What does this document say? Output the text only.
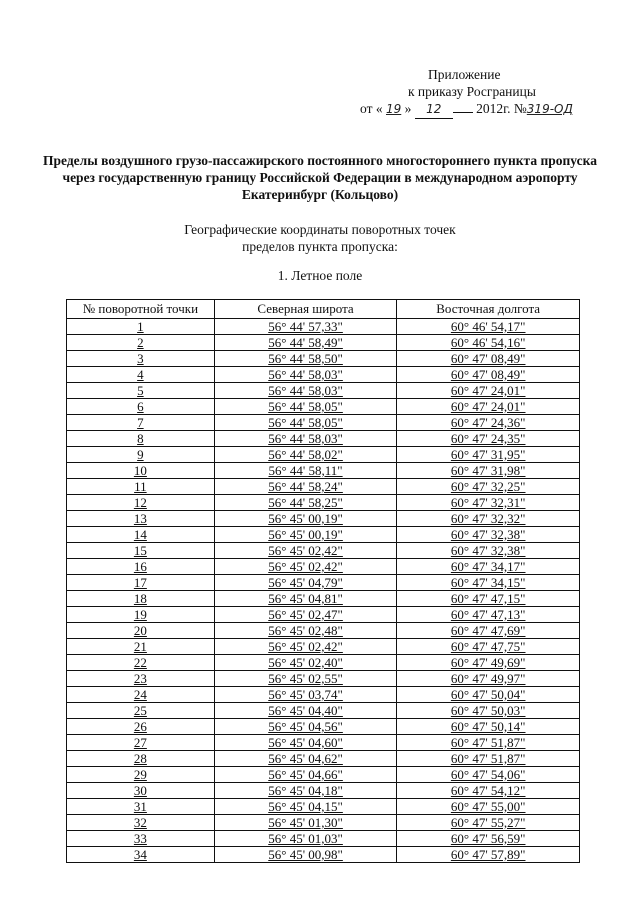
Приложение
к приказу Росграницы
от « 19 » 12	2012г. №319-ОД
Пределы воздушного грузо-пассажирского постоянного многостороннего пункта пропуска через государственную границу Российской Федерации в международном аэропорту Екатеринбург (Кольцово)
Географические координаты поворотных точек
пределов пункта пропуска:
1. Летное поле
№ поворотной точки	Северная широта	Восточная долгота
1	56° 44' 57,33"	60° 46' 54,17"
2	56° 44' 58,49"	60° 46' 54,16"
3	56° 44' 58,50"	60° 47' 08,49"
4	56° 44' 58,03"	60° 47' 08,49"
5	56° 44' 58,03"	60° 47' 24,01"
6	56° 44' 58,05"	60° 47' 24,01"
7	56° 44' 58,05"	60° 47' 24,36"
8	56° 44' 58,03"	60° 47' 24,35"
9	56° 44' 58,02"	60° 47' 31,95"
10	56° 44' 58,11"	60° 47' 31,98"
11	56° 44' 58,24"	60° 47' 32,25"
12	56° 44' 58,25"	60° 47' 32,31"
13	56° 45' 00,19"	60° 47' 32,32"
14	56° 45' 00,19"	60° 47' 32,38"
15	56° 45' 02,42"	60° 47' 32,38"
16	56° 45' 02,42"	60° 47' 34,17"
17	56° 45' 04,79"	60° 47' 34,15"
18	56° 45' 04,81"	60° 47' 47,15"
19	56° 45' 02,47"	60° 47' 47,13"
20	56° 45' 02,48"	60° 47' 47,69"
21	56° 45' 02,42"	60° 47' 47,75"
22	56° 45' 02,40"	60° 47' 49,69"
23	56° 45' 02,55"	60° 47' 49,97"
24	56° 45' 03,74"	60° 47' 50,04"
25	56° 45' 04,40"	60° 47' 50,03"
26	56° 45' 04,56"	60° 47' 50,14"
27	56° 45' 04,60"	60° 47' 51,87"
28	56° 45' 04,62"	60° 47' 51,87"
29	56° 45' 04,66"	60° 47' 54,06"
30	56° 45' 04,18"	60° 47' 54,12"
31	56° 45' 04,15"	60° 47' 55,00"
32	56° 45' 01,30"	60° 47' 55,27"
33	56° 45' 01,03"	60° 47' 56,59"
34	56° 45' 00,98"	60° 47' 57,89"
